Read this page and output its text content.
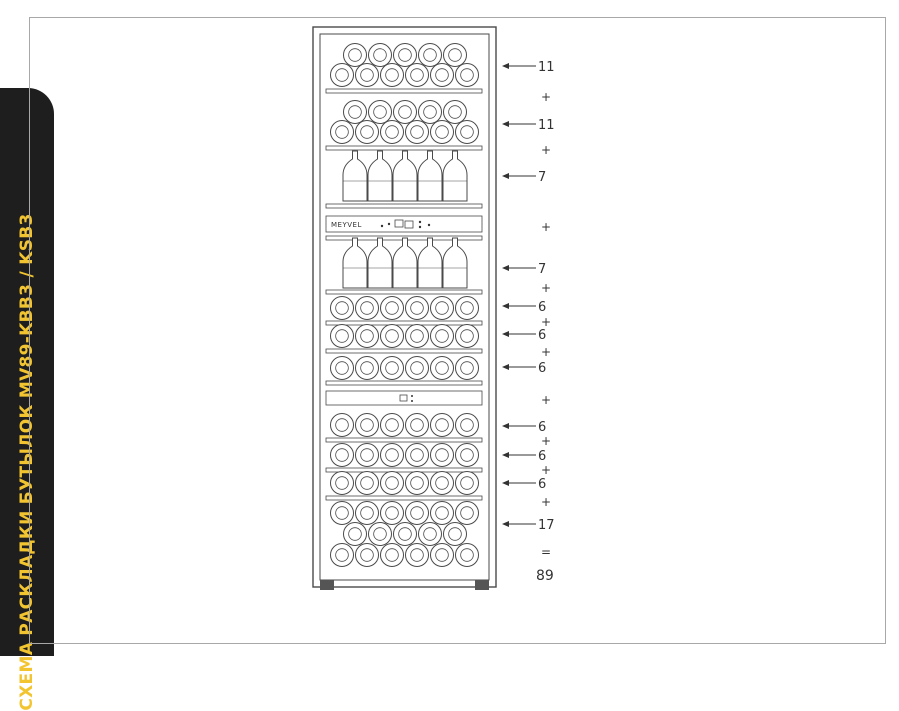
СХЕМА РАСКЛАДКИ БУТЫЛОК MV89-KBB3 / KSB3	MEYVEL
11
11
7
7
6
6
6
6
6
6
17
+
+
+
+
+
+
+
+
+
+
=
89
